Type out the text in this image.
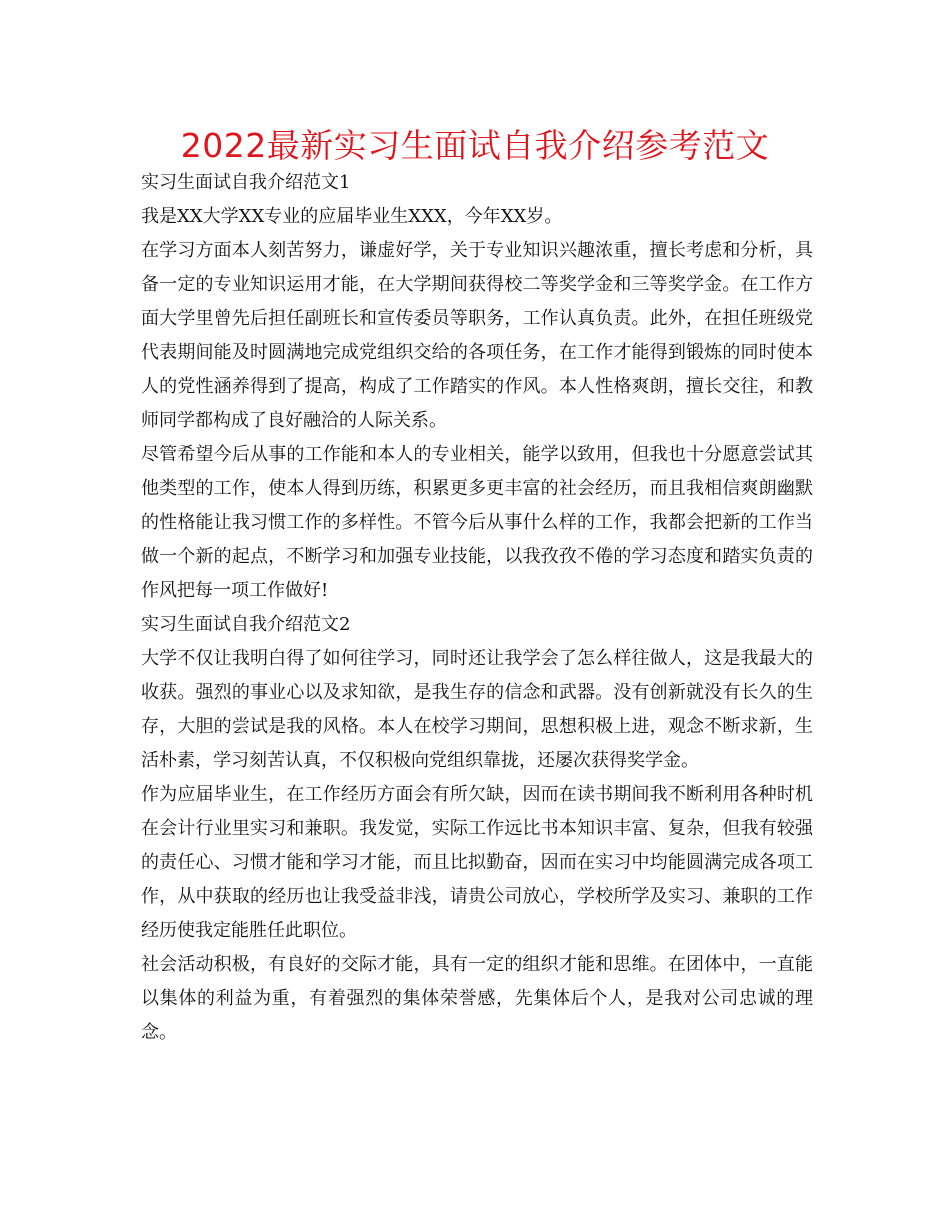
2022最新实习生面试自我介绍参考范文

实习生面试自我介绍范文1

我是XX大学XX专业的应届毕业生XXX，今年XX岁。

在学习方面本人刻苦努力，谦虚好学，关于专业知识兴趣浓重，擅长考虑和分析，具备一定的专业知识运用才能，在大学期间获得校二等奖学金和三等奖学金。在工作方面大学里曾先后担任副班长和宣传委员等职务，工作认真负责。此外，在担任班级党代表期间能及时圆满地完成党组织交给的各项任务，在工作才能得到锻炼的同时使本人的党性涵养得到了提高，构成了工作踏实的作风。本人性格爽朗，擅长交往，和教师同学都构成了良好融洽的人际关系。

尽管希望今后从事的工作能和本人的专业相关，能学以致用，但我也十分愿意尝试其他类型的工作，使本人得到历练，积累更多更丰富的社会经历，而且我相信爽朗幽默的性格能让我习惯工作的多样性。不管今后从事什么样的工作，我都会把新的工作当做一个新的起点，不断学习和加强专业技能，以我孜孜不倦的学习态度和踏实负责的作风把每一项工作做好!

实习生面试自我介绍范文2

大学不仅让我明白得了如何往学习，同时还让我学会了怎么样往做人，这是我最大的收获。强烈的事业心以及求知欲，是我生存的信念和武器。没有创新就没有长久的生存，大胆的尝试是我的风格。本人在校学习期间，思想积极上进，观念不断求新，生活朴素，学习刻苦认真，不仅积极向党组织靠拢，还屡次获得奖学金。

作为应届毕业生，在工作经历方面会有所欠缺，因而在读书期间我不断利用各种时机在会计行业里实习和兼职。我发觉，实际工作远比书本知识丰富、复杂，但我有较强的责任心、习惯才能和学习才能，而且比拟勤奋，因而在实习中均能圆满完成各项工作，从中获取的经历也让我受益非浅，请贵公司放心，学校所学及实习、兼职的工作经历使我定能胜任此职位。

社会活动积极，有良好的交际才能，具有一定的组织才能和思维。在团体中，一直能以集体的利益为重，有着强烈的集体荣誉感，先集体后个人，是我对公司忠诚的理念。
